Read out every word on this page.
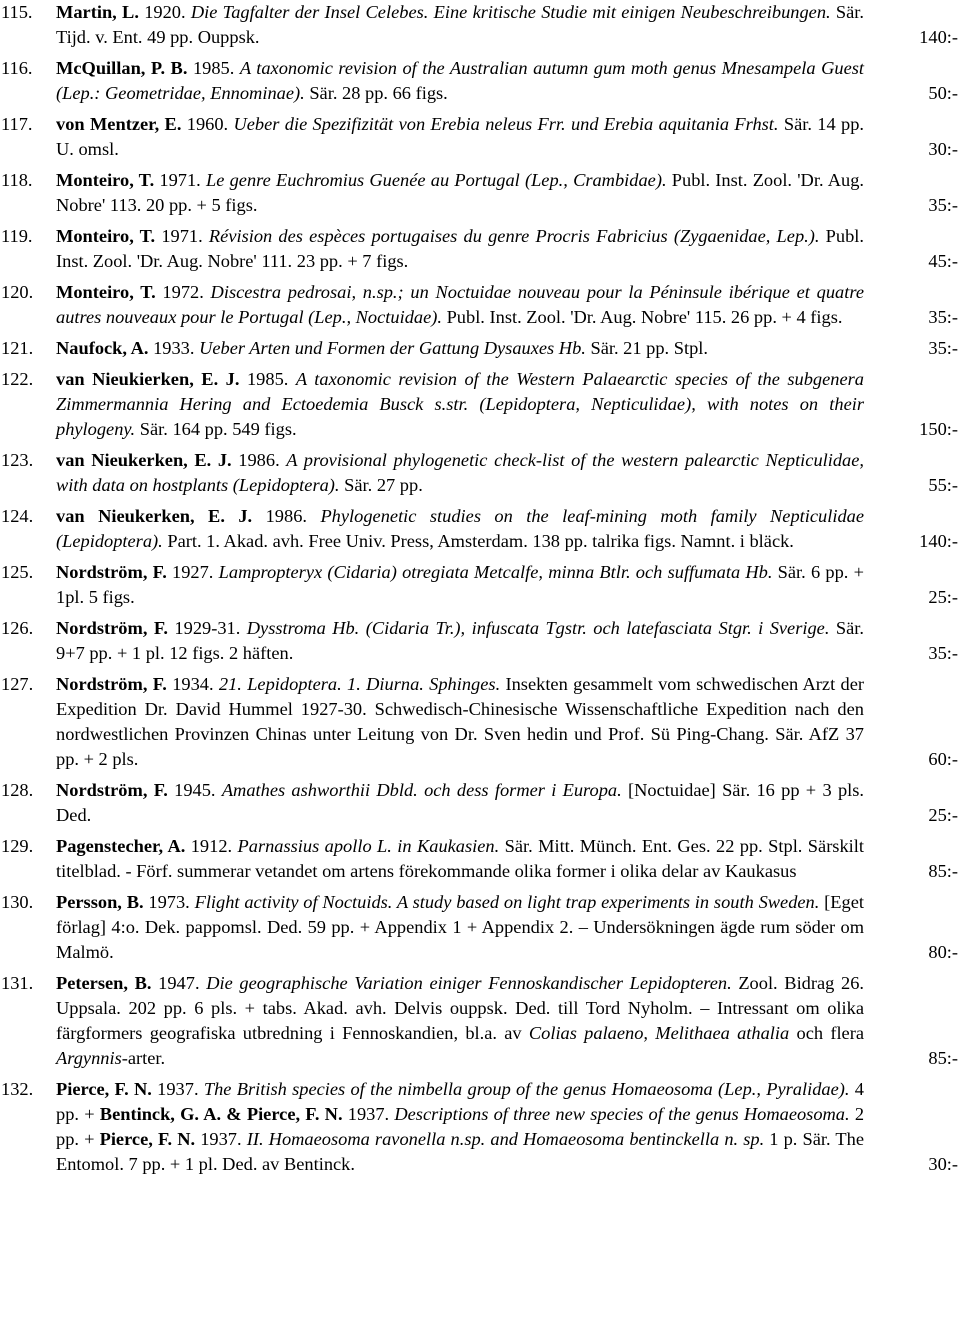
115. Martin, L. 1920. Die Tagfalter der Insel Celebes. Eine kritische Studie mit einigen Neubeschreibungen. Sär. Tijd. v. Ent. 49 pp. Ouppsk.	140:-
116. McQuillan, P. B. 1985. A taxonomic revision of the Australian autumn gum moth genus Mnesampela Guest (Lep.: Geometridae, Ennominae). Sär. 28 pp. 66 figs.	50:-
117. von Mentzer, E. 1960. Ueber die Spezifizität von Erebia neleus Frr. und Erebia aquitania Frhst. Sär. 14 pp. U. omsl.	30:-
118. Monteiro, T. 1971. Le genre Euchromius Guenée au Portugal (Lep., Crambidae). Publ. Inst. Zool. 'Dr. Aug. Nobre' 113. 20 pp. + 5 figs.	35:-
119. Monteiro, T. 1971. Révision des espèces portugaises du genre Procris Fabricius (Zygaenidae, Lep.). Publ. Inst. Zool. 'Dr. Aug. Nobre' 111. 23 pp. + 7 figs.	45:-
120. Monteiro, T. 1972. Discestra pedrosai, n.sp.; un Noctuidae nouveau pour la Péninsule ibérique et quatre autres nouveaux pour le Portugal (Lep., Noctuidae). Publ. Inst. Zool. 'Dr. Aug. Nobre' 115. 26 pp. + 4 figs.	35:-
121. Naufock, A. 1933. Ueber Arten und Formen der Gattung Dysauxes Hb. Sär. 21 pp. Stpl.	35:-
122. van Nieukierken, E. J. 1985. A taxonomic revision of the Western Palaearctic species of the subgenera Zimmermannia Hering and Ectoedemia Busck s.str. (Lepidoptera, Nepticulidae), with notes on their phylogeny. Sär. 164 pp. 549 figs.	150:-
123. van Nieukerken, E. J. 1986. A provisional phylogenetic check-list of the western palearctic Nepticulidae, with data on hostplants (Lepidoptera). Sär. 27 pp.	55:-
124. van Nieukerken, E. J. 1986. Phylogenetic studies on the leaf-mining moth family Nepticulidae (Lepidoptera). Part. 1. Akad. avh. Free Univ. Press, Amsterdam. 138 pp. talrika figs. Namnt. i bläck.	140:-
125. Nordström, F. 1927. Lampropteryx (Cidaria) otregiata Metcalfe, minna Btlr. och suffumata Hb. Sär. 6 pp. + 1pl. 5 figs.	25:-
126. Nordström, F. 1929-31. Dysstroma Hb. (Cidaria Tr.), infuscata Tgstr. och latefasciata Stgr. i Sverige. Sär. 9+7 pp. + 1 pl. 12 figs. 2 häften.	35:-
127. Nordström, F. 1934. 21. Lepidoptera. 1. Diurna. Sphinges. Insekten gesammelt vom schwedischen Arzt der Expedition Dr. David Hummel 1927-30. Schwedisch-Chinesische Wissenschaftliche Expedition nach den nordwestlichen Provinzen Chinas unter Leitung von Dr. Sven hedin und Prof. Sü Ping-Chang. Sär. AfZ 37 pp. + 2 pls.	60:-
128. Nordström, F. 1945. Amathes ashworthii Dbld. och dess former i Europa. [Noctuidae] Sär. 16 pp + 3 pls. Ded.	25:-
129. Pagenstecher, A. 1912. Parnassius apollo L. in Kaukasien. Sär. Mitt. Münch. Ent. Ges. 22 pp. Stpl. Särskilt titelblad. - Förf. summerar vetandet om artens förekommande olika former i olika delar av Kaukasus	85:-
130. Persson, B. 1973. Flight activity of Noctuids. A study based on light trap experiments in south Sweden. [Eget förlag] 4:o. Dek. pappomsl. Ded. 59 pp. + Appendix 1 + Appendix 2. – Undersökningen ägde rum söder om Malmö.	80:-
131. Petersen, B. 1947. Die geographische Variation einiger Fennoskandischer Lepidopteren. Zool. Bidrag 26. Uppsala. 202 pp. 6 pls. + tabs. Akad. avh. Delvis ouppsk. Ded. till Tord Nyholm. – Intressant om olika färgformers geografiska utbredning i Fennoskandien, bl.a. av Colias palaeno, Melithaea athalia och flera Argynnis-arter.	85:-
132. Pierce, F. N. 1937. The British species of the nimbella group of the genus Homaeosoma (Lep., Pyralidae). 4 pp. + Bentinck, G. A. & Pierce, F. N. 1937. Descriptions of three new species of the genus Homaeosoma. 2 pp. + Pierce, F. N. 1937. II. Homaeosoma ravonella n.sp. and Homaeosoma bentinckella n. sp. 1 p. Sär. The Entomol. 7 pp. + 1 pl. Ded. av Bentinck.	30:-
